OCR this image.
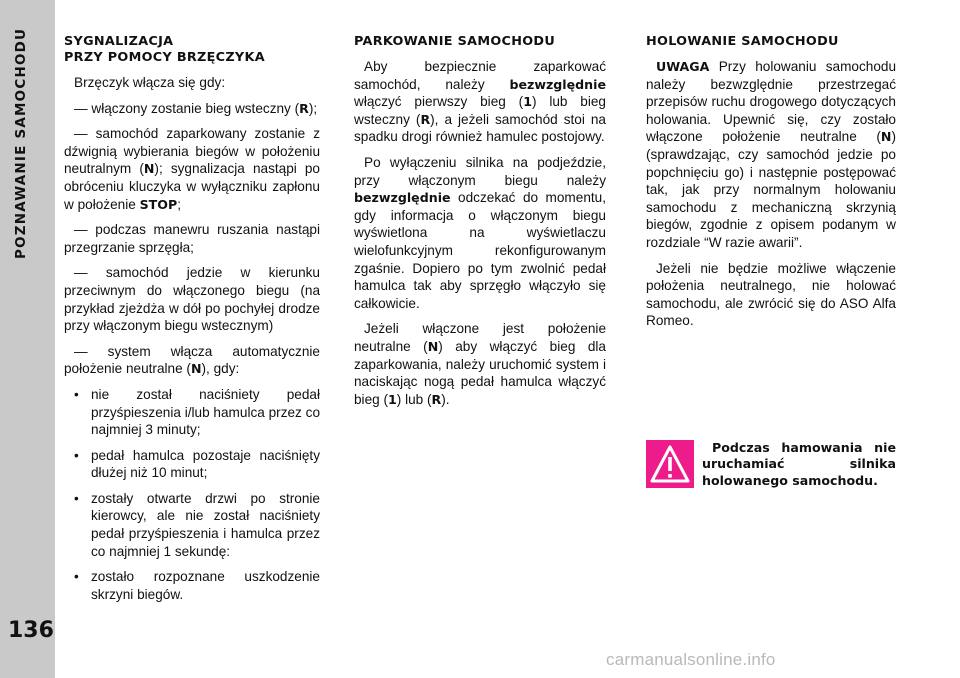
POZNAWANIE SAMOCHODU
136
SYGNALIZACJA
PRZY POMOCY BRZĘCZYKA

Brzęczyk włącza się gdy:

— włączony zostanie bieg wsteczny (R);

— samochód zaparkowany zostanie z dźwignią wybierania biegów w położeniu neutralnym (N); sygnalizacja nastąpi po obróceniu kluczyka w wyłączniku zapłonu w położenie STOP;

— podczas manewru ruszania nastąpi przegrzanie sprzęgła;

— samochód jedzie w kierunku przeciwnym do włączonego biegu (na przykład zjeżdża w dół po pochyłej drodze przy włączonym biegu wstecznym)

— system włącza automatycznie położenie neutralne (N), gdy:

• nie został naciśniety pedał przyśpieszenia i/lub hamulca przez co najmniej 3 minuty;
• pedał hamulca pozostaje naciśnięty dłużej niż 10 minut;
• zostały otwarte drzwi po stronie kierowcy, ale nie został naciśniety pedał przyśpieszenia i hamulca przez co najmniej 1 sekundę:
• zostało rozpoznane uszkodzenie skrzyni biegów.
PARKOWANIE SAMOCHODU

Aby bezpiecznie zaparkować samochód, należy bezwzględnie włączyć pierwszy bieg (1) lub bieg wsteczny (R), a jeżeli samochód stoi na spadku drogi również hamulec postojowy.

Po wyłączeniu silnika na podjeździe, przy włączonym biegu należy bezwzględnie odczekać do momentu, gdy informacja o włączonym biegu wyświetlona na wyświetlaczu wielofunkcyjnym rekonfigurowanym zgaśnie. Dopiero po tym zwolnić pedał hamulca tak aby sprzęgło włączyło się całkowicie.

Jeżeli włączone jest położenie neutralne (N) aby włączyć bieg dla zaparkowania, należy uruchomić system i naciskając nogą pedał hamulca włączyć bieg (1) lub (R).

HOLOWANIE SAMOCHODU

UWAGA Przy holowaniu samochodu należy bezwzględnie przestrzegać przepisów ruchu drogowego dotyczących holowania. Upewnić się, czy zostało włączone położenie neutralne (N) (sprawdzając, czy samochód jedzie po popchnięciu go) i następnie postępować tak, jak przy normalnym holowaniu samochodu z mechaniczną skrzynią biegów, zgodnie z opisem podanym w rozdziale “W razie awarii”.

Jeżeli nie będzie możliwe włączenie położenia neutralnego, nie holować samochodu, ale zwrócić się do ASO Alfa Romeo.

Podczas hamowania nie uruchamiać silnika holowanego samochodu.
carmanualsonline.info
